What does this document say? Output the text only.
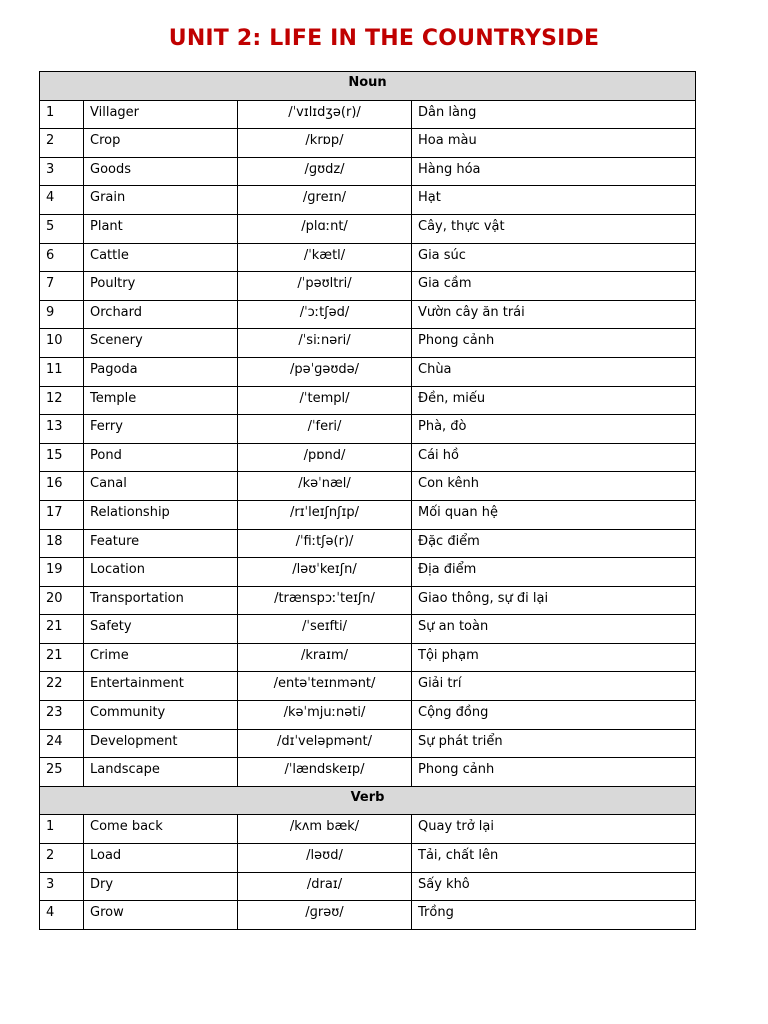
UNIT 2: LIFE IN THE COUNTRYSIDE
Noun			
1	Villager	/ˈvɪlɪdʒə(r)/	Dân làng
2	Crop	/krɒp/	Hoa màu
3	Goods	/ɡʊdz/	Hàng hóa
4	Grain	/ɡreɪn/	Hạt
5	Plant	/plɑːnt/	Cây, thực vật
6	Cattle	/ˈkætl/	Gia súc
7	Poultry	/ˈpəʊltri/	Gia cầm
9	Orchard	/ˈɔːtʃəd/	Vườn cây ăn trái
10	Scenery	/ˈsiːnəri/	Phong cảnh
11	Pagoda	/pəˈɡəʊdə/	Chùa
12	Temple	/ˈtempl/	Đền, miếu
13	Ferry	/ˈferi/	Phà, đò
15	Pond	/pɒnd/	Cái hồ
16	Canal	/kəˈnæl/	Con kênh
17	Relationship	/rɪˈleɪʃnʃɪp/	Mối quan hệ
18	Feature	/ˈfiːtʃə(r)/	Đặc điểm
19	Location	/ləʊˈkeɪʃn/	Địa điểm
20	Transportation	/trænspɔːˈteɪʃn/	Giao thông, sự đi lại
21	Safety	/ˈseɪfti/	Sự an toàn
21	Crime	/kraɪm/	Tội phạm
22	Entertainment	/entəˈteɪnmənt/	Giải trí
23	Community	/kəˈmjuːnəti/	Cộng đồng
24	Development	/dɪˈveləpmənt/	Sự phát triển
25	Landscape	/ˈlændskeɪp/	Phong cảnh
Verb			
1	Come back	/kʌm bæk/	Quay trở lại
2	Load	/ləʊd/	Tải, chất lên
3	Dry	/draɪ/	Sấy khô
4	Grow	/ɡrəʊ/	Trồng
